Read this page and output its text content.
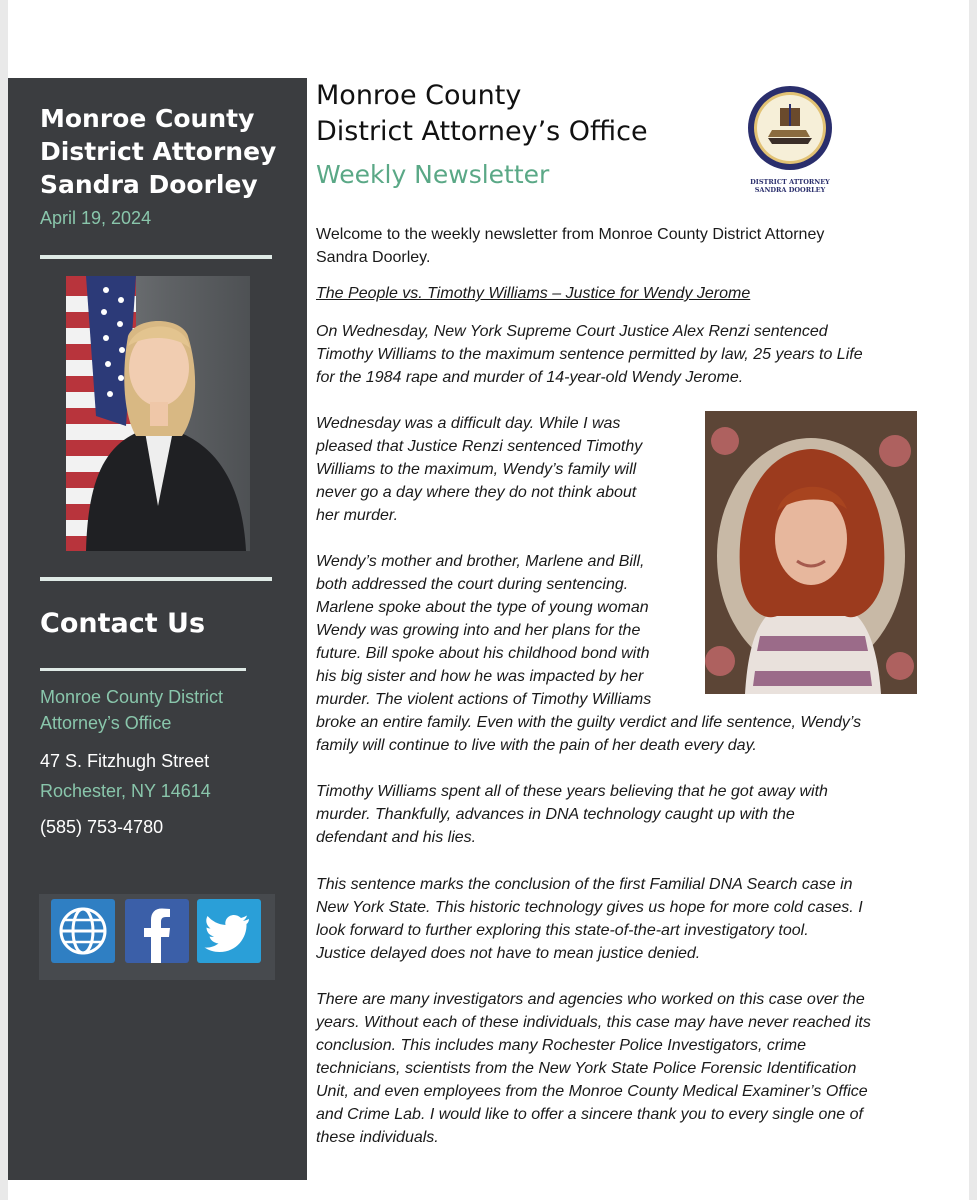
Monroe County
District Attorney
Sandra Doorley
April 19, 2024
Contact Us
Monroe County District
Attorney’s Office
47 S. Fitzhugh Street
Rochester, NY 14614
(585) 753-4780
Monroe County
District Attorney’s Office
Weekly Newsletter	DISTRICT ATTORNEY
SANDRA DOORLEY
Welcome to the weekly newsletter from Monroe County District Attorney
Sandra Doorley.
The People vs. Timothy Williams – Justice for Wendy Jerome
On Wednesday, New York Supreme Court Justice Alex Renzi sentenced
Timothy Williams to the maximum sentence permitted by law, 25 years to Life
for the 1984 rape and murder of 14-year-old Wendy Jerome.
Wednesday was a difficult day. While I was
pleased that Justice Renzi sentenced Timothy
Williams to the maximum, Wendy’s family will
never go a day where they do not think about
her murder.
Wendy’s mother and brother, Marlene and Bill,
both addressed the court during sentencing.
Marlene spoke about the type of young woman
Wendy was growing into and her plans for the
future. Bill spoke about his childhood bond with
his big sister and how he was impacted by her
murder. The violent actions of Timothy Williams
broke an entire family. Even with the guilty verdict and life sentence, Wendy’s
family will continue to live with the pain of her death every day.
Timothy Williams spent all of these years believing that he got away with
murder. Thankfully, advances in DNA technology caught up with the
defendant and his lies.
This sentence marks the conclusion of the first Familial DNA Search case in
New York State. This historic technology gives us hope for more cold cases. I
look forward to further exploring this state-of-the-art investigatory tool.
Justice delayed does not have to mean justice denied.
There are many investigators and agencies who worked on this case over the
years. Without each of these individuals, this case may have never reached its
conclusion. This includes many Rochester Police Investigators, crime
technicians, scientists from the New York State Police Forensic Identification
Unit, and even employees from the Monroe County Medical Examiner’s Office
and Crime Lab. I would like to offer a sincere thank you to every single one of
these individuals.
